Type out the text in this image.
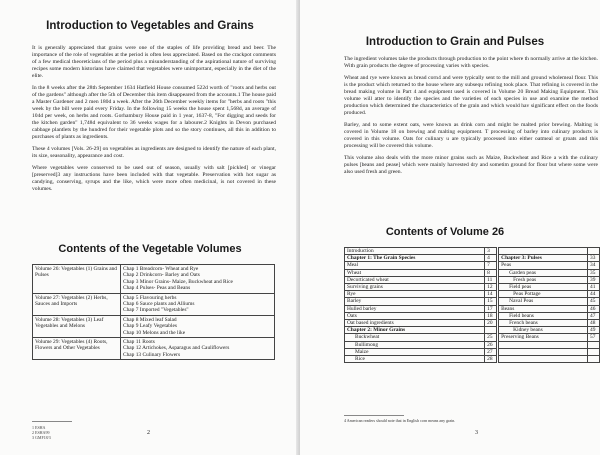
Introduction to Vegetables and Grains

It is generally appreciated that grains were one of the staples of life providing bread and beer. The importance of the role of vegetables at the period is often less appreciated. Based on the crackpot comments of a few medical theoreticians of the period plus a misunderstanding of the aspirational nature of surviving recipes some modern historians have claimed that vegetables were unimportant, especially in the diet of the elite.

In the 8 weeks after the 28th September 1634 Hatfield House consumed 522d worth of "roots and herbs out of the gardens" although after the 5th of December this item disappeared from the accounts.1 The house paid a Master Gardener and 2 men 180d a week. After the 26th December weekly items for "herbs and roots "this week by the bill were paid every Friday. In the following 15 weeks the house spent 1,568d, an average of 104d per week, on herbs and roots. Gorhambury House paid in 1 year, 1637-8, "For digging and seeds for the kitchen garden" 1,748d equivalent to 36 weeks wages for a labourer.2 Knights in Devon purchased cabbage plantlets by the hundred for their vegetable plots and so the story continues, all this in addition to purchases of plants as ingredients.

These 4 volumes [Vols. 26-29] on vegetables as ingredients are designed to identify the nature of each plant, its size, seasonality, appearance and cost.

Where vegetables were conserved to be used out of season, usually with salt [pickled] or vinegar [preserved]3 any instructions have been included with that vegetable. Preservation with hot sugar as candying, conserving, syrups and the like, which were more often medicinal, is not covered in these volumes.

Contents of the Vegetable Volumes
Volume 26: Vegetables (1) Grains and Pulses	Chap 1 Breadcorn- Wheat and Rye
Chap 2 Drinkcorn- Barley and Oats
Chap 3 Minor Grains- Maize, Buckwheat and Rice
Chap 4 Pulses- Peas and Beans

Volume 27: Vegetables (2) Herbs, Sauces and Imports	Chap 5 Flavouring herbs
Chap 6 Sauce plants and Alliums
Chap 7 Imported "Vegetables"

Volume 28: Vegetables (3) Leaf Vegetables and Melons	Chap 8 Mixed leaf Salad
Chap 9 Leafy Vegetables
Chap 10 Melons and the like

Volume 29: Vegetables (4) Roots, Flowers and Other Vegetables	Chap 11 Roots
Chap 12 Artichokes, Asparagus and Cauliflowers
Chap 13 Culinary Flowers
1 ESHA
2 ESHA99
3 GMF18/3
2
Introduction to Grain and Pulses

The ingredient volumes take the products through production to the point where th normally arrive at the kitchen. With grain products the degree of processing varies with species.

Wheat and rye were known as bread corn4 and were typically sent to the mill and ground wholemeal flour. This is the product which returned to the house where any subsequ refining took place. That refining is covered in the bread making volume in Part 4 and equipment used is covered in Volume 20 Bread Making Equipment. This volume will atter to identify the species and the varieties of each species in use and examine the method production which determined the characteristics of the grain and which would hav significant effect on the foods produced.

Barley, and to some extent oats, were known as drink corn and might be malted prior brewing. Malting is covered in Volume 18 on brewing and malting equipment. T processing of barley into culinary products is covered in this volume. Oats for culinary u are typically processed into either oatmeal or groats and this processing will be covered this volume.

This volume also deals with the more minor grains such as Maize, Buckwheat and Rice a with the culinary pulses [beans and pease] which were mainly harvested dry and sometim ground for flour but where some were also used fresh and green.

Contents of Volume 26
Introduction	3			
Chapter 1: The Grain Species	4		Chapter 3: Pulses	33
Meal	7		Peas	34
Wheat	8		Garden peas	35
Decorticated wheat	11		Fresh peas	39
Surviving grains	12		Field peas	41
Rye	14		Peas Pottage	44
Barley	15		Naval Peas	45
Hulled barley	17		Beans	46
Oats	18		Field beans	47
Oat based ingredients	20		French beans	48
Chapter 2: Minor Grains			Kidney beans	49
Buckwheat	25		Preserving Beans	57
Bullimong	26			
Maize	27			
Rice	28			
4 American readers should note that in English corn means any grain.
3
